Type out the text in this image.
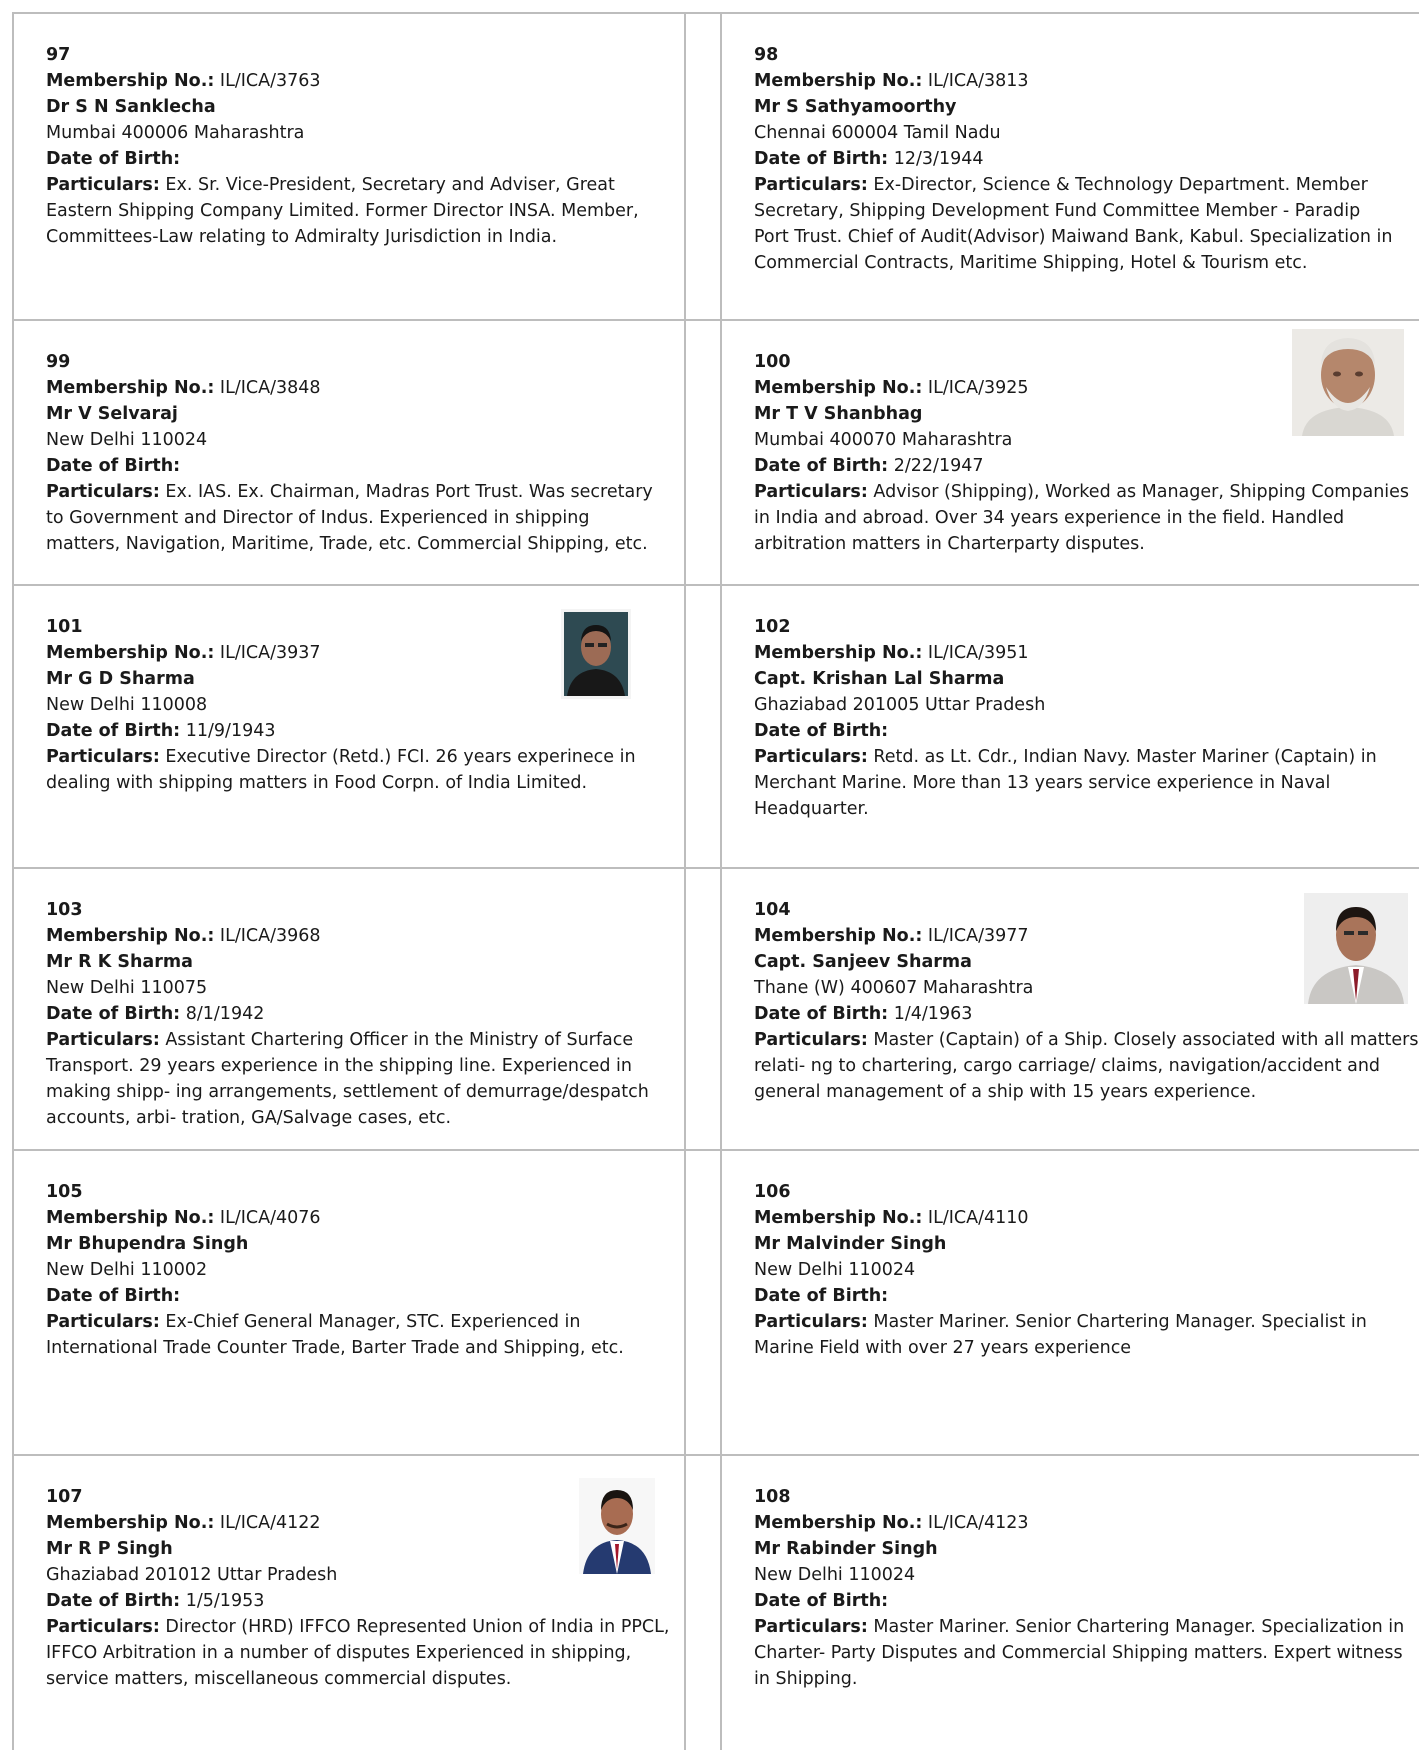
97
Membership No.: IL/ICA/3763
Dr S N Sanklecha
Mumbai 400006 Maharashtra
Date of Birth:
Particulars: Ex. Sr. Vice-President, Secretary and Adviser, Great
Eastern Shipping Company Limited. Former Director INSA. Member,
Committees-Law relating to Admiralty Jurisdiction in India.
98
Membership No.: IL/ICA/3813
Mr S Sathyamoorthy
Chennai 600004 Tamil Nadu
Date of Birth: 12/3/1944
Particulars: Ex-Director, Science & Technology Department. Member
Secretary, Shipping Development Fund Committee Member - Paradip
Port Trust. Chief of Audit(Advisor) Maiwand Bank, Kabul. Specialization in
Commercial Contracts, Maritime Shipping, Hotel & Tourism etc.
99
Membership No.: IL/ICA/3848
Mr V Selvaraj
New Delhi 110024
Date of Birth:
Particulars: Ex. IAS. Ex. Chairman, Madras Port Trust. Was secretary
to Government and Director of Indus. Experienced in shipping
matters, Navigation, Maritime, Trade, etc. Commercial Shipping, etc.
100
Membership No.: IL/ICA/3925
Mr T V Shanbhag
Mumbai 400070 Maharashtra
Date of Birth: 2/22/1947
Particulars: Advisor (Shipping), Worked as Manager, Shipping Companies
in India and abroad. Over 34 years experience in the field. Handled
arbitration matters in Charterparty disputes.
101
Membership No.: IL/ICA/3937
Mr G D Sharma
New Delhi 110008
Date of Birth: 11/9/1943
Particulars: Executive Director (Retd.) FCI. 26 years experinece in
dealing with shipping matters in Food Corpn. of India Limited.
102
Membership No.: IL/ICA/3951
Capt. Krishan Lal Sharma
Ghaziabad 201005 Uttar Pradesh
Date of Birth:
Particulars: Retd. as Lt. Cdr., Indian Navy. Master Mariner (Captain) in
Merchant Marine. More than 13 years service experience in Naval
Headquarter.
103
Membership No.: IL/ICA/3968
Mr R K Sharma
New Delhi 110075
Date of Birth: 8/1/1942
Particulars: Assistant Chartering Officer in the Ministry of Surface
Transport. 29 years experience in the shipping line. Experienced in
making shipp- ing arrangements, settlement of demurrage/despatch
accounts, arbi- tration, GA/Salvage cases, etc.
104
Membership No.: IL/ICA/3977
Capt. Sanjeev Sharma
Thane (W) 400607 Maharashtra
Date of Birth: 1/4/1963
Particulars: Master (Captain) of a Ship. Closely associated with all matters
relati- ng to chartering, cargo carriage/ claims, navigation/accident and
general management of a ship with 15 years experience.
105
Membership No.: IL/ICA/4076
Mr Bhupendra Singh
New Delhi 110002
Date of Birth:
Particulars: Ex-Chief General Manager, STC. Experienced in
International Trade Counter Trade, Barter Trade and Shipping, etc.
106
Membership No.: IL/ICA/4110
Mr Malvinder Singh
New Delhi 110024
Date of Birth:
Particulars: Master Mariner. Senior Chartering Manager. Specialist in
Marine Field with over 27 years experience
107
Membership No.: IL/ICA/4122
Mr R P Singh
Ghaziabad 201012 Uttar Pradesh
Date of Birth: 1/5/1953
Particulars: Director (HRD) IFFCO Represented Union of India in PPCL,
IFFCO Arbitration in a number of disputes Experienced in shipping,
service matters, miscellaneous commercial disputes.
108
Membership No.: IL/ICA/4123
Mr Rabinder Singh
New Delhi 110024
Date of Birth:
Particulars: Master Mariner. Senior Chartering Manager. Specialization in
Charter- Party Disputes and Commercial Shipping matters. Expert witness
in Shipping.
